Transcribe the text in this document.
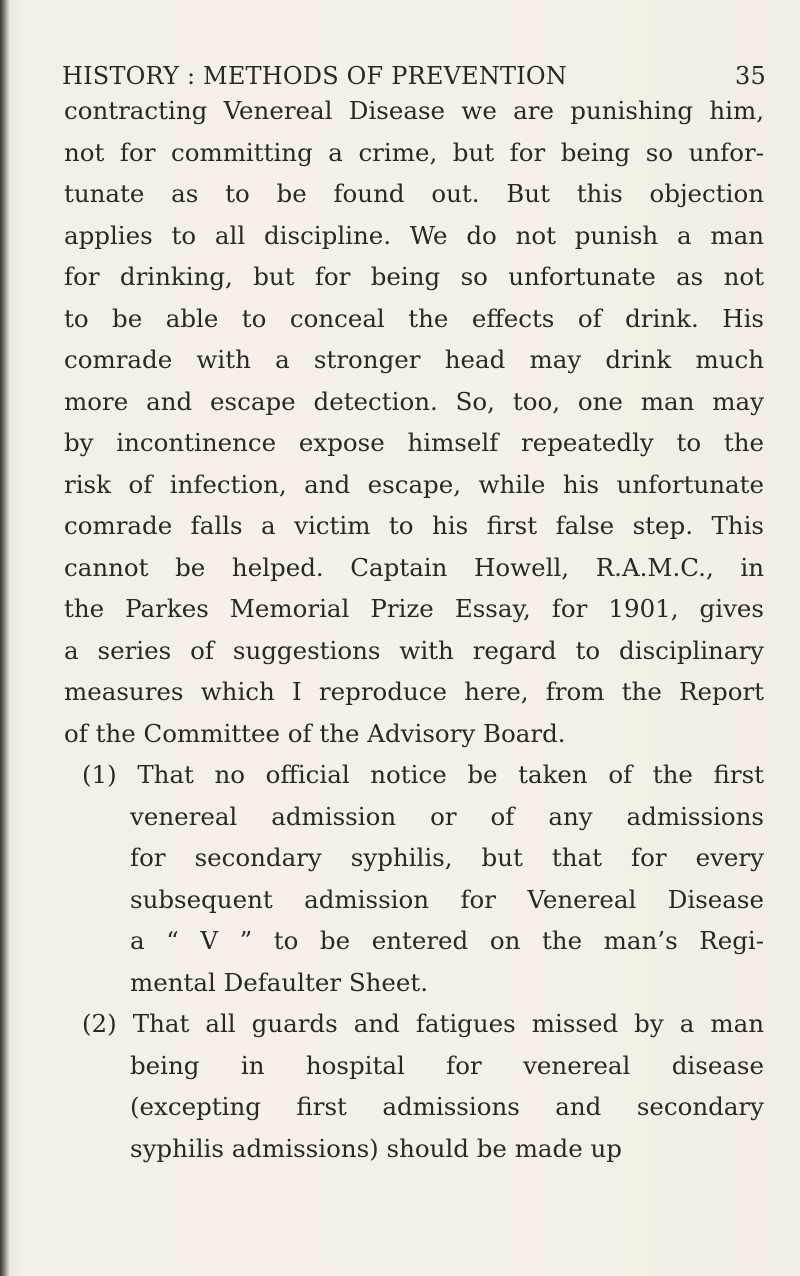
HISTORY : METHODS OF PREVENTION	35
contracting Venereal Disease we are punishing him,
not for committing a crime, but for being so unfor-
tunate as to be found out. But this objection
applies to all discipline. We do not punish a man
for drinking, but for being so unfortunate as not
to be able to conceal the effects of drink. His
comrade with a stronger head may drink much
more and escape detection. So, too, one man may
by incontinence expose himself repeatedly to the
risk of infection, and escape, while his unfortunate
comrade falls a victim to his first false step. This
cannot be helped. Captain Howell, R.A.M.C., in
the Parkes Memorial Prize Essay, for 1901, gives
a series of suggestions with regard to disciplinary
measures which I reproduce here, from the Report
of the Committee of the Advisory Board.
(1) That no official notice be taken of the first
venereal admission or of any admissions
for secondary syphilis, but that for every
subsequent admission for Venereal Disease
a “ V ” to be entered on the man’s Regi-
mental Defaulter Sheet.
(2) That all guards and fatigues missed by a man
being in hospital for venereal disease
(excepting first admissions and secondary
syphilis admissions) should be made up
